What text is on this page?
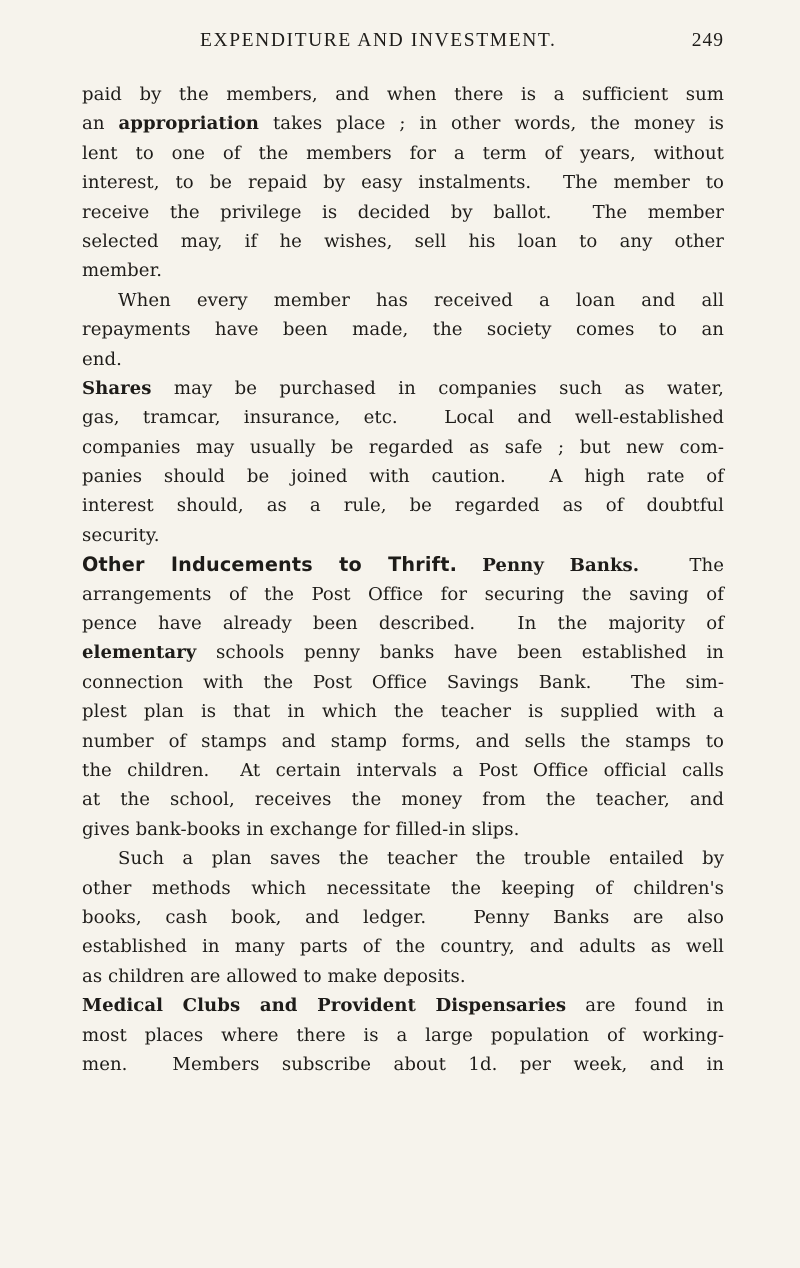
EXPENDITURE AND INVESTMENT.	249
paid by the members, and when there is a sufficient sum
an appropriation takes place ; in other words, the money is
lent to one of the members for a term of years, without
interest, to be repaid by easy instalments.  The member to
receive the privilege is decided by ballot.  The member
selected may, if he wishes, sell his loan to any other
member.
When every member has received a loan and all
repayments have been made, the society comes to an
end.
Shares may be purchased in companies such as water,
gas, tramcar, insurance, etc.  Local and well-established
companies may usually be regarded as safe ; but new com-
panies should be joined with caution.  A high rate of
interest should, as a rule, be regarded as of doubtful
security.
Other Inducements to Thrift. Penny Banks.  The
arrangements of the Post Office for securing the saving of
pence have already been described.  In the majority of
elementary schools penny banks have been established in
connection with the Post Office Savings Bank.  The sim-
plest plan is that in which the teacher is supplied with a
number of stamps and stamp forms, and sells the stamps to
the children.  At certain intervals a Post Office official calls
at the school, receives the money from the teacher, and
gives bank-books in exchange for filled-in slips.
Such a plan saves the teacher the trouble entailed by
other methods which necessitate the keeping of children's
books, cash book, and ledger.  Penny Banks are also
established in many parts of the country, and adults as well
as children are allowed to make deposits.
Medical Clubs and Provident Dispensaries are found in
most places where there is a large population of working-
men.  Members subscribe about 1d. per week, and in
